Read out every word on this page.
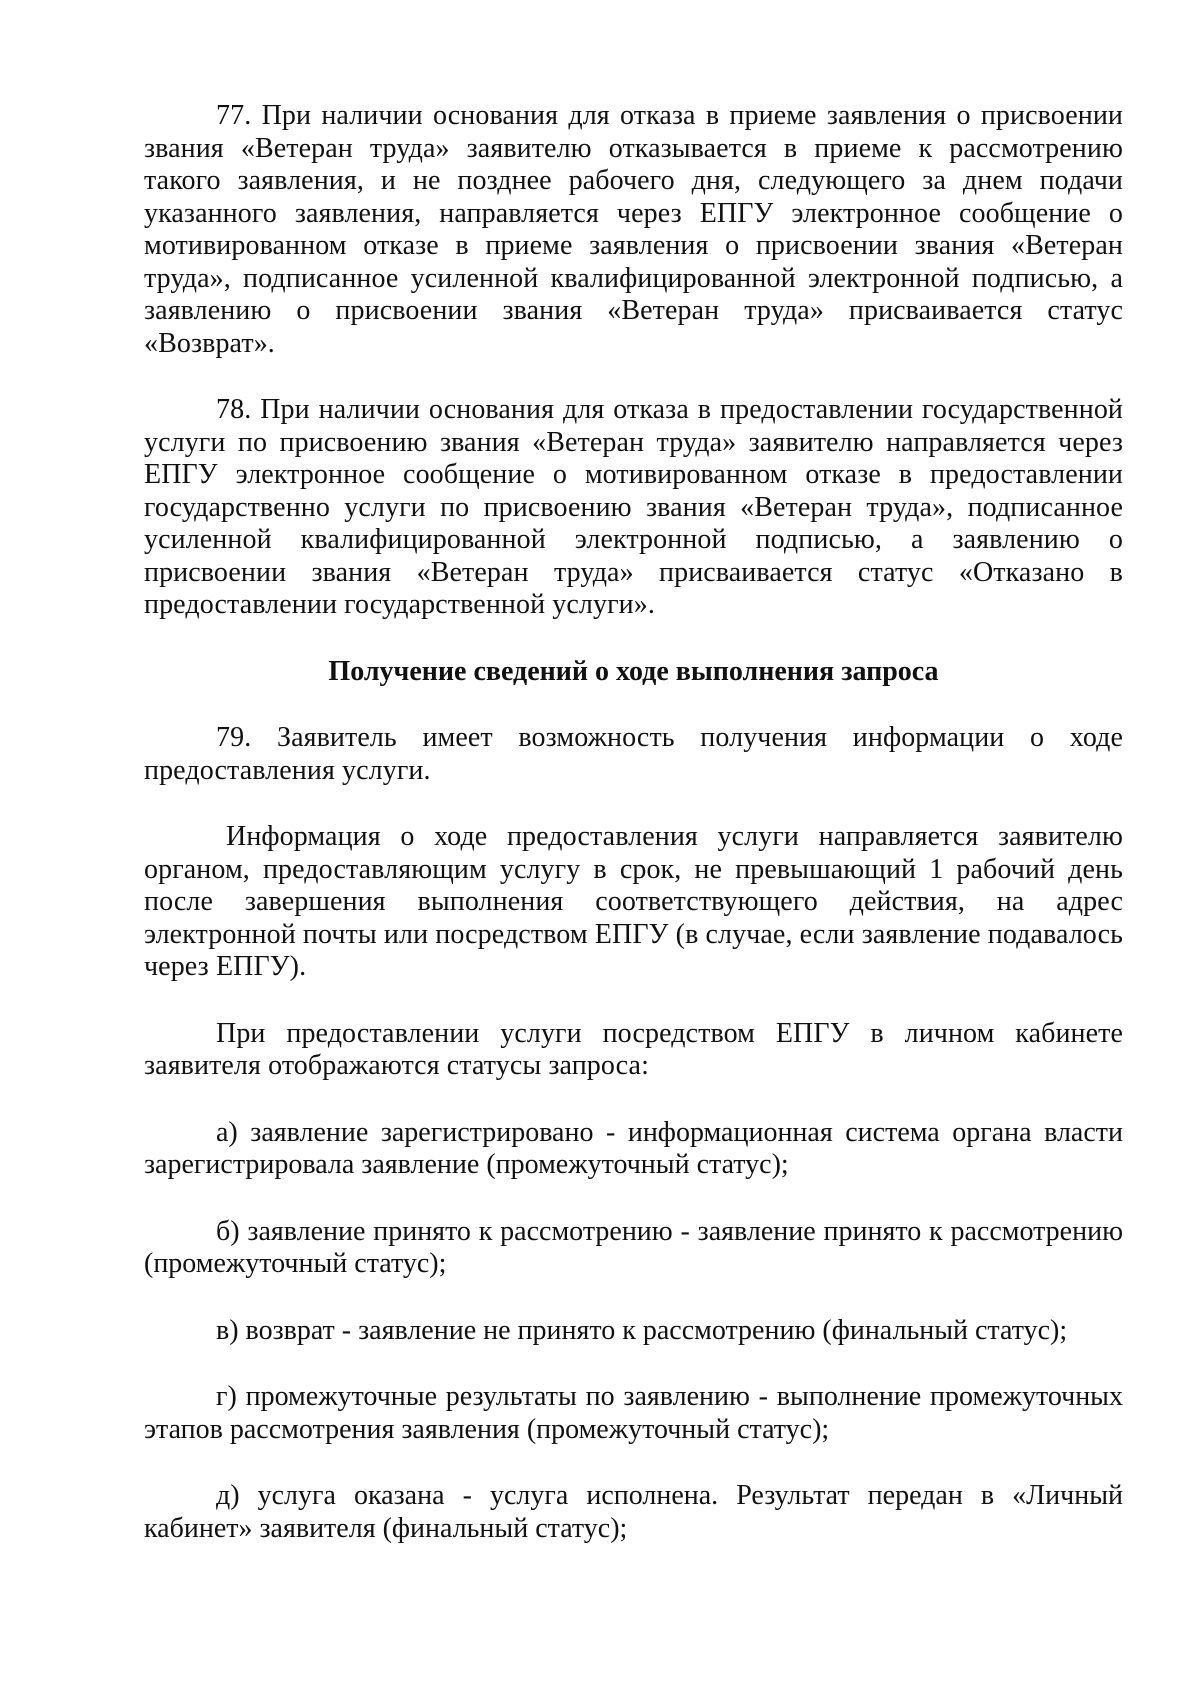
77. При наличии основания для отказа в приеме заявления о присвоении звания «Ветеран труда» заявителю отказывается в приеме к рассмотрению такого заявления, и не позднее рабочего дня, следующего за днем подачи указанного заявления, направляется через ЕПГУ электронное сообщение о мотивированном отказе в приеме заявления о присвоении звания «Ветеран труда», подписанное усиленной квалифицированной электронной подписью, а заявлению о присвоении звания «Ветеран труда» присваивается статус «Возврат».

78. При наличии основания для отказа в предоставлении государственной услуги по присвоению звания «Ветеран труда» заявителю направляется через ЕПГУ электронное сообщение о мотивированном отказе в предоставлении государственно услуги по присвоению звания «Ветеран труда», подписанное усиленной квалифицированной электронной подписью, а заявлению о присвоении звания «Ветеран труда» присваивается статус «Отказано в предоставлении государственной услуги».

Получение сведений о ходе выполнения запроса

79. Заявитель имеет возможность получения информации о ходе предоставления услуги.

Информация о ходе предоставления услуги направляется заявителю органом, предоставляющим услугу в срок, не превышающий 1 рабочий день после завершения выполнения соответствующего действия, на адрес электронной почты или посредством ЕПГУ (в случае, если заявление подавалось через ЕПГУ).

При предоставлении услуги посредством ЕПГУ в личном кабинете заявителя отображаются статусы запроса:

а) заявление зарегистрировано - информационная система органа власти зарегистрировала заявление (промежуточный статус);

б) заявление принято к рассмотрению - заявление принято к рассмотрению (промежуточный статус);

в) возврат - заявление не принято к рассмотрению (финальный статус);

г) промежуточные результаты по заявлению - выполнение промежуточных этапов рассмотрения заявления (промежуточный статус);

д) услуга оказана - услуга исполнена. Результат передан в «Личный кабинет» заявителя (финальный статус);
